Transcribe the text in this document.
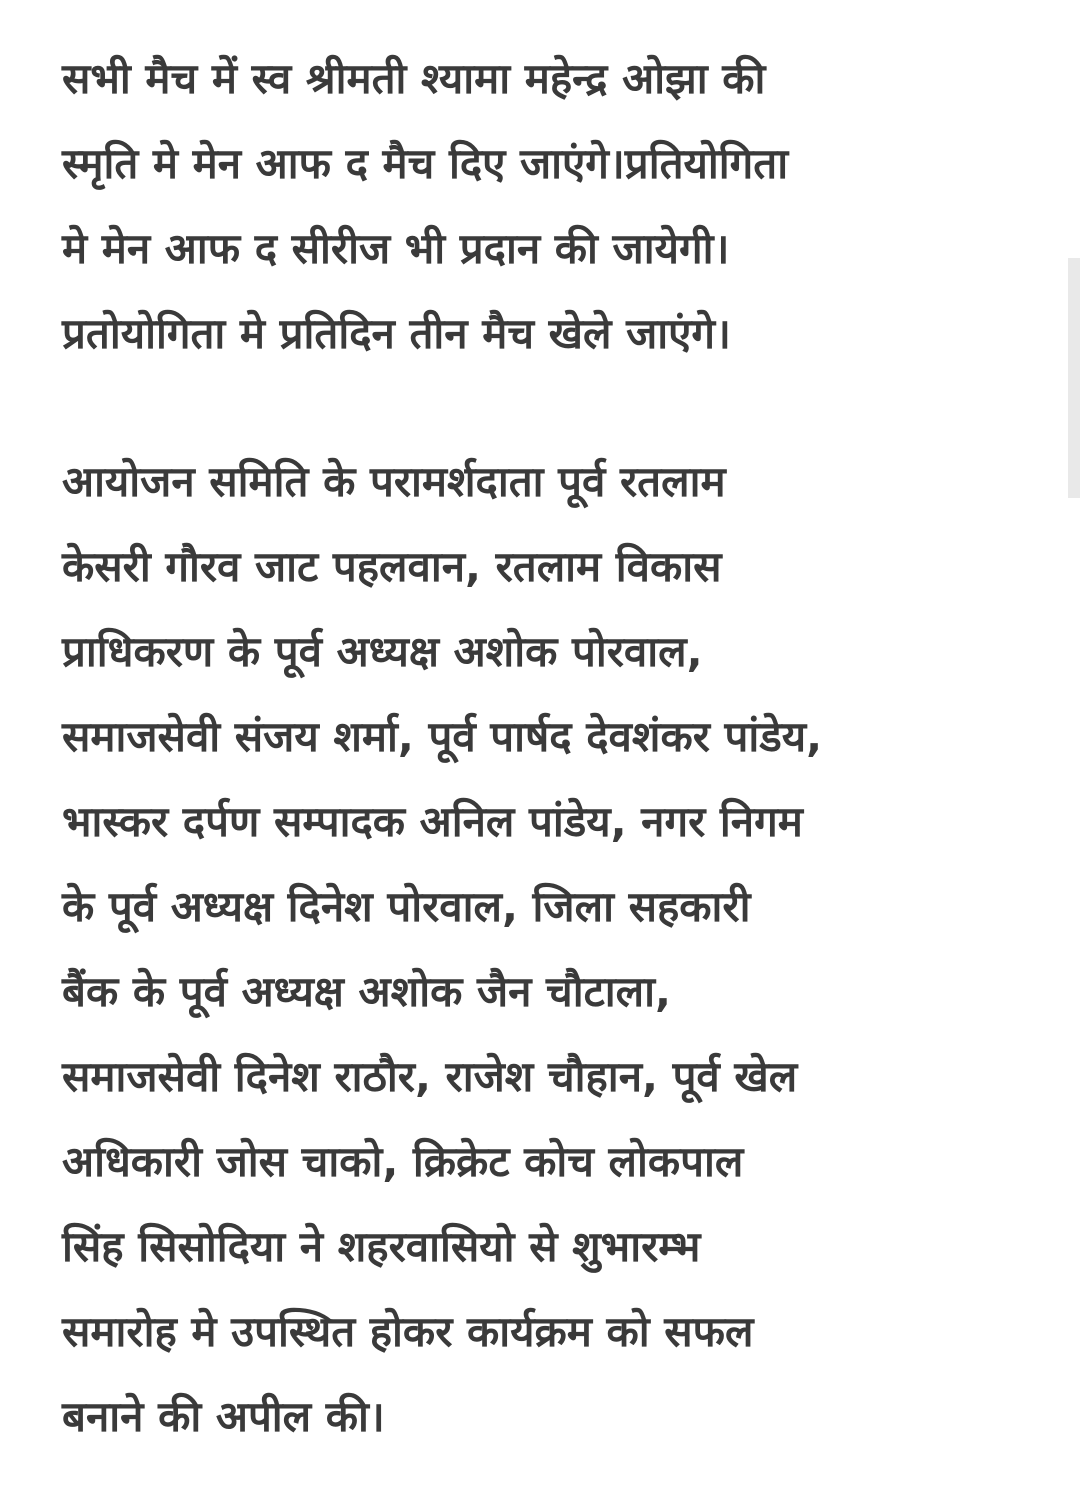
सभी मैच में स्व श्रीमती श्यामा महेन्द्र ओझा की
स्मृति मे मेन आफ द मैच दिए जाएंगे।प्रतियोगिता
मे मेन आफ द सीरीज भी प्रदान की जायेगी।
प्रतोयोगिता मे प्रतिदिन तीन मैच खेले जाएंगे।
आयोजन समिति के परामर्शदाता पूर्व रतलाम
केसरी गौरव जाट पहलवान, रतलाम विकास
प्राधिकरण के पूर्व अध्यक्ष अशोक पोरवाल,
समाजसेवी संजय शर्मा, पूर्व पार्षद देवशंकर पांडेय,
भास्कर दर्पण सम्पादक अनिल पांडेय, नगर निगम
के पूर्व अध्यक्ष दिनेश पोरवाल, जिला सहकारी
बैंक के पूर्व अध्यक्ष अशोक जैन चौटाला,
समाजसेवी दिनेश राठौर, राजेश चौहान, पूर्व खेल
अधिकारी जोस चाको, क्रिक्रेट कोच लोकपाल
सिंह सिसोदिया ने शहरवासियो से शुभारम्भ
समारोह मे उपस्थित होकर कार्यक्रम को सफल
बनाने की अपील की।
